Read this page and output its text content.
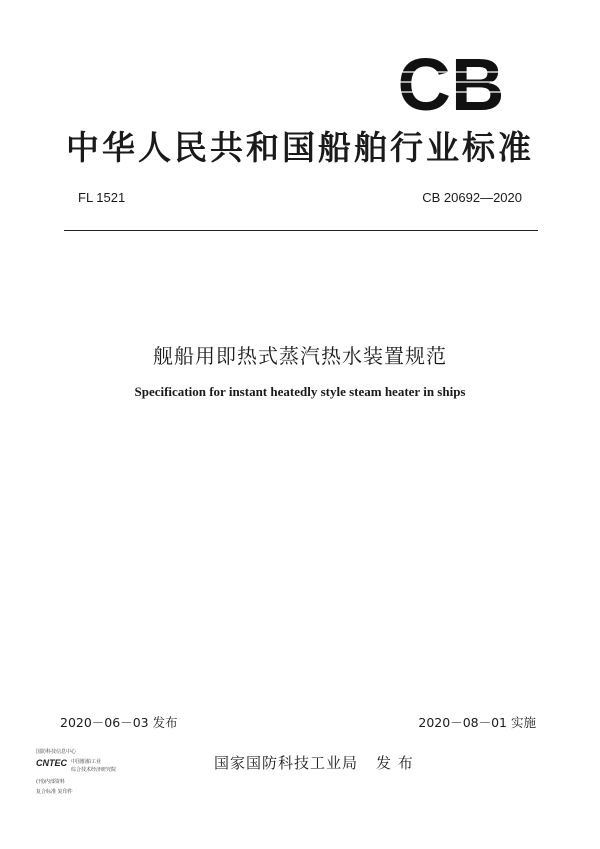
CB
中华人民共和国船舶行业标准
FL 1521	CB 20692—2020
舰船用即热式蒸汽热水装置规范
Specification for instant heatedly style steam heater in ships
2020－06－03 发布	2020－08－01 实施
国防科技信息中心
CNTEC 中国船舶工业
综合技术经济研究院
(刊)内部资料
复合标准 复印件
国家国防科技工业局 发 布
